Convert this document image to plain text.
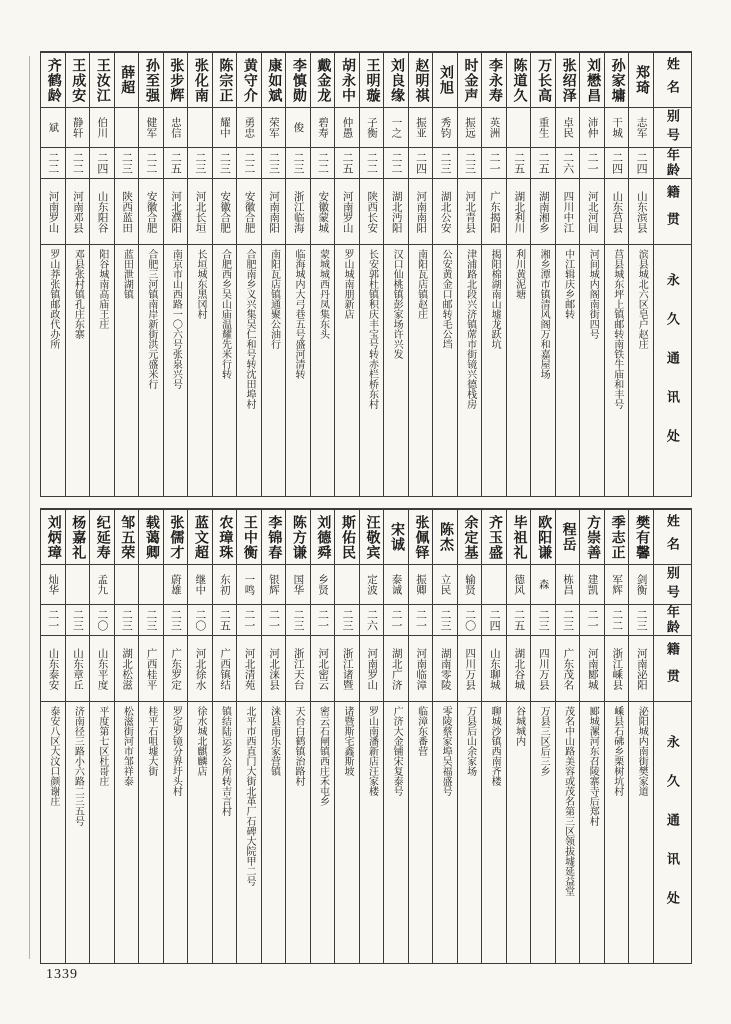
齐鹤龄
斌
二二
河南罗山
罗山莽张镇邮政代办所
王成安
静轩
二二
河南邓县
邓县张村镇孔庄东寨
王汝江
伯川
二四
山东阳谷
阳谷城南高庙王庄
薛超
二三
陕西蓝田
蓝田泄湖镇
孙至强
健军
二二
安徽合肥
合肥三河镇南岸新街洪元盛米行
张步辉
忠信
二五
河北濮阳
南京市山西路一〇六号张泉兴号
张化南
二三
河北长垣
长垣城东黑冈村
陈宗正
耀中
二三
安徽合肥
合肥西乡吴山庙温耀先米行转
黄守介
勇忠
二二
安徽合肥
合肥南乡义兴集吴仁和号转沈田埠村
康如斌
荣军
二三
河南南阳
南阳瓦店镇通聚公油行
李慎勋
俊
二三
浙江临海
临海城内大弓巷五号盛河清转
戴金龙
碧寿
二二
安徽蒙城
蒙城城西丹凤集东头
胡永中
仲愚
二五
河南罗山
罗山城南朋新店
王明璇
子衡
二二
陕西长安
长安郭杜镇积庆丰宝号转赤栏桥东村
刘良缘
一之
二二
湖北沔阳
汉口仙桃镇彭家场许兴发
赵明祺
振亚
二四
河南南阳
南阳瓦店镇赵庄
刘旭
秀钧
二三
湖北公安
公安黄金口邮转毛公垱
时金声
振远
二三
河北青县
津浦路北段兴济镇蓆市街镜兴德栈房
李永寿
英洲
二一
广东揭阳
揭阳棉湖南山墟龙跃坑
陈道久
二五
湖北利川
利川黄泥塘
万长高
重生
二五
湖南湘乡
湘乡潭市镇清风阁万和嘉屋场
张绍泽
卓民
二六
四川中江
中江辑庆乡邮转
刘懋昌
沛仲
二一
河北河间
河间城内阁南街四号
孙家墉
干城
二四
山东莒县
莒县城东坪上镇邮转南铁牛庙和丰号
郑琦
志军
二四
山东滨县
滨县城北六区皂户赵庄
姓名
别号
年龄
籍贯
永久通讯处
刘炳璋
灿华
二一
山东泰安
泰安八区大汶口颜谢庄
杨嘉礼
二三
山东章丘
济南径三路小六路二三五号
纪延寿
孟九
二〇
山东平度
平度第七区杜哥庄
邹五荣
二三
湖北松滋
松滋街河市邹祥泰
载蔼卿
二三
广西桂平
桂平石咀墟大街
张儒才
蔚雄
二三
广东罗定
罗定罗镜分界圩头村
蓝文超
继中
二〇
河北徐水
徐水城北麒麟店
农璋珠
东初
二五
广西镇结
镇结陆运乡公所转吉言村
王中衡
一鸣
二一
河北清苑
北平市西直门大街北革厂石碑大院甲二号
李锦春
银辉
二一
河北涞县
涞县南乐家营镇
陈方谦
国华
二三
浙江天台
天台白鹤镇治路村
刘德舜
乡贤
二一
河北密云
密云石闸镇西庄禾屯乡
斯佑民
二三
浙江诸暨
诸暨斯宅鑫斯坡
汪敬宾
定波
二六
河南罗山
罗山南潘新店汪家楼
宋诚
泰诚
二一
湖北广济
广济大金铺宋复泰号
张佩铎
振卿
二一
河南临漳
临漳东番营
陈杰
立民
二三
湖南零陵
零陵蔡家埠吴福盛号
余定基
输贤
二〇
四川万县
万县后山余家场
齐玉盛
二四
山东聊城
聊城沙镇西南齐楼
毕祖礼
德风
二五
湖北谷城
谷城城内
欧阳谦
森
二三
四川万县
万县三区后三乡
程岳
栋昌
二三
广东茂名
茂名中山路美容或茂名第三区领拔墟延益堂
方崇善
建凯
二一
河南郾城
郾城漯河东召陵寨寺后郑村
季志正
军辉
二二
浙江嵊县
嵊县石砩乡栗树坑村
樊有馨
剑衡
二三
河南泌阳
泌阳城内南街樊家道
姓名
别号
年龄
籍贯
永久通讯处
1339
